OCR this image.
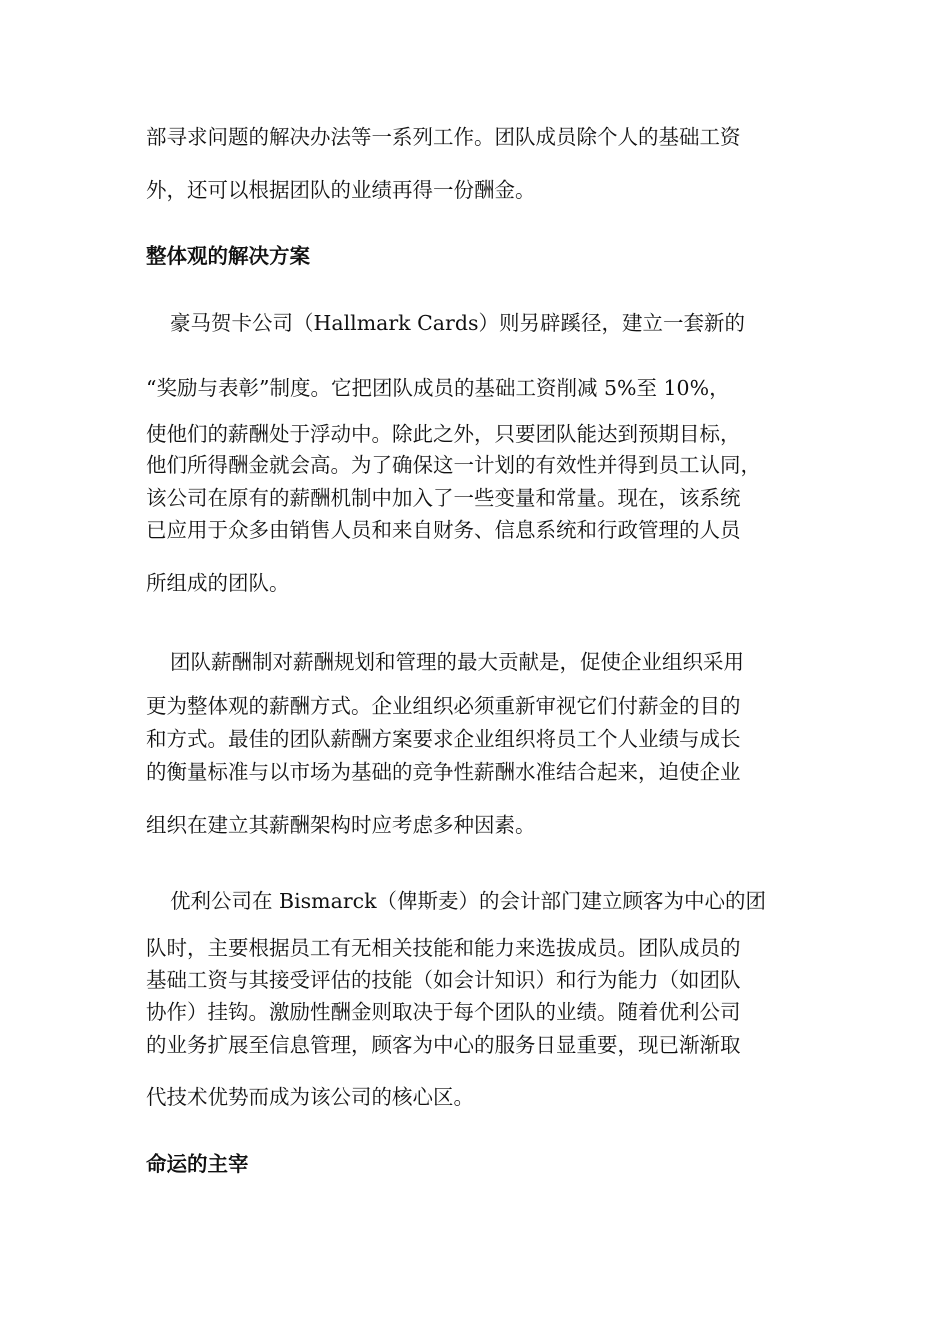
部寻求问题的解决办法等一系列工作。团队成员除个人的基础工资

外，还可以根据团队的业绩再得一份酬金。

整体观的解决方案

豪马贺卡公司（Hallmark Cards）则另辟蹊径，建立一套新的

“奖励与表彰”制度。它把团队成员的基础工资削减 5%至 10%，

使他们的薪酬处于浮动中。除此之外，只要团队能达到预期目标，

他们所得酬金就会高。为了确保这一计划的有效性并得到员工认同，

该公司在原有的薪酬机制中加入了一些变量和常量。现在，该系统

已应用于众多由销售人员和来自财务、信息系统和行政管理的人员

所组成的团队。

团队薪酬制对薪酬规划和管理的最大贡献是，促使企业组织采用

更为整体观的薪酬方式。企业组织必须重新审视它们付薪金的目的

和方式。最佳的团队薪酬方案要求企业组织将员工个人业绩与成长

的衡量标准与以市场为基础的竞争性薪酬水准结合起来，迫使企业

组织在建立其薪酬架构时应考虑多种因素。

优利公司在 Bismarck（俾斯麦）的会计部门建立顾客为中心的团

队时，主要根据员工有无相关技能和能力来选拔成员。团队成员的

基础工资与其接受评估的技能（如会计知识）和行为能力（如团队

协作）挂钩。激励性酬金则取决于每个团队的业绩。随着优利公司

的业务扩展至信息管理，顾客为中心的服务日显重要，现已渐渐取

代技术优势而成为该公司的核心区。

命运的主宰
